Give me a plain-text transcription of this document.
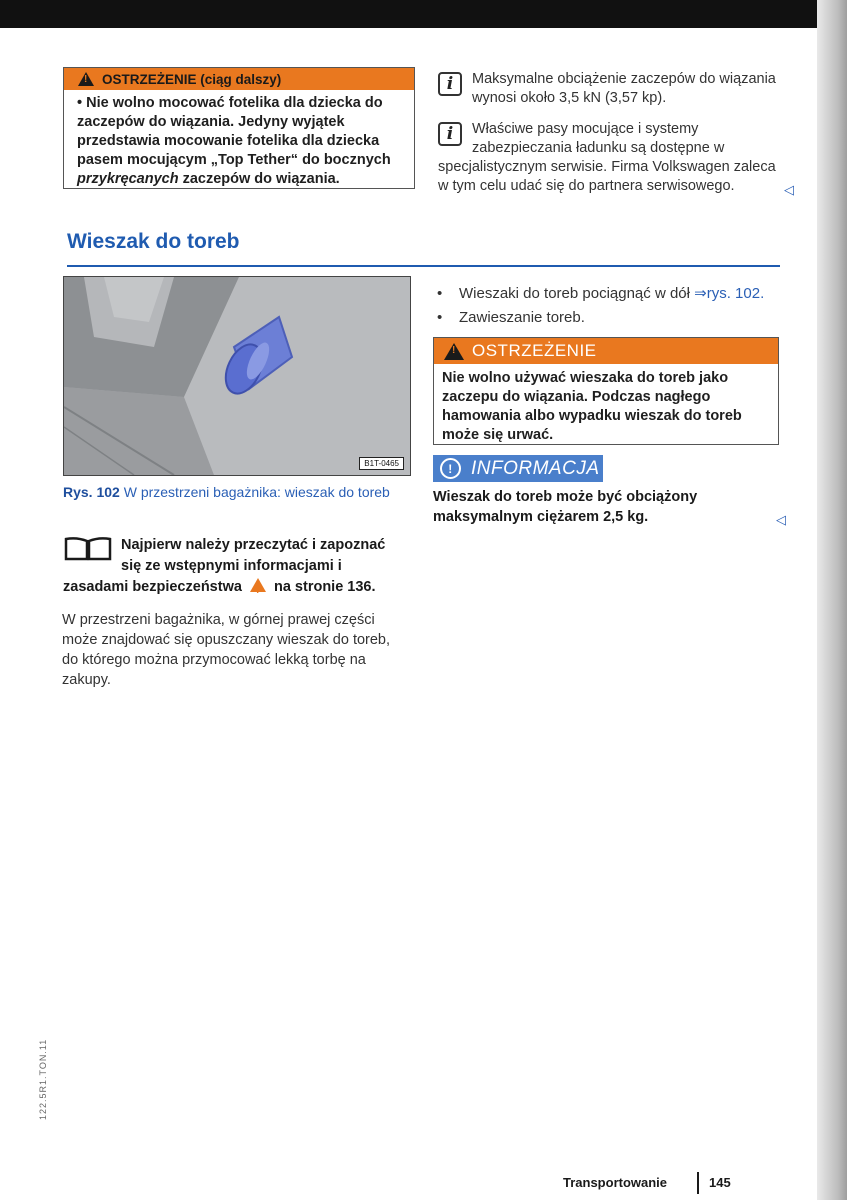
!
OSTRZEŻENIE (ciąg dalszy)
• Nie wolno mocować fotelika dla dziecka do zaczepów do wiązania. Jedyny wyjątek przedstawia mocowanie fotelika dla dziecka pasem mocującym „Top Tether“ do bocznych przykręcanych zaczepów do wiązania.
i	Maksymalne obciążenie zaczepów do wiązania wynosi około 3,5 kN (3,57 kp).
i	Właściwe pasy mocujące i systemy zabezpieczania ładunku są dostępne w specjalistycznym serwisie. Firma Volkswagen zaleca w tym celu udać się do partnera serwisowego.	◁
Wieszak do toreb
B1T-0465
Rys. 102 W przestrzeni bagażnika: wieszak do toreb
Najpierw należy przeczytać i zapoznać się ze wstępnymi informacjami i zasadami bezpieczeństwa ! na stronie 136.

W przestrzeni bagażnika, w górnej prawej części może znajdować się opuszczany wieszak do toreb, do którego można przymocować lekką torbę na zakupy.

• Wieszaki do toreb pociągnąć w dół ⇒rys. 102.
• Zawieszanie toreb.
!
OSTRZEŻENIE
Nie wolno używać wieszaka do toreb jako zaczepu do wiązania. Podczas nagłego hamowania albo wypadku wieszak do toreb może się urwać.
! INFORMACJA

Wieszak do toreb może być obciążony maksymalnym ciężarem 2,5 kg.	◁
Transportowanie	145
122.5R1.TON.11
